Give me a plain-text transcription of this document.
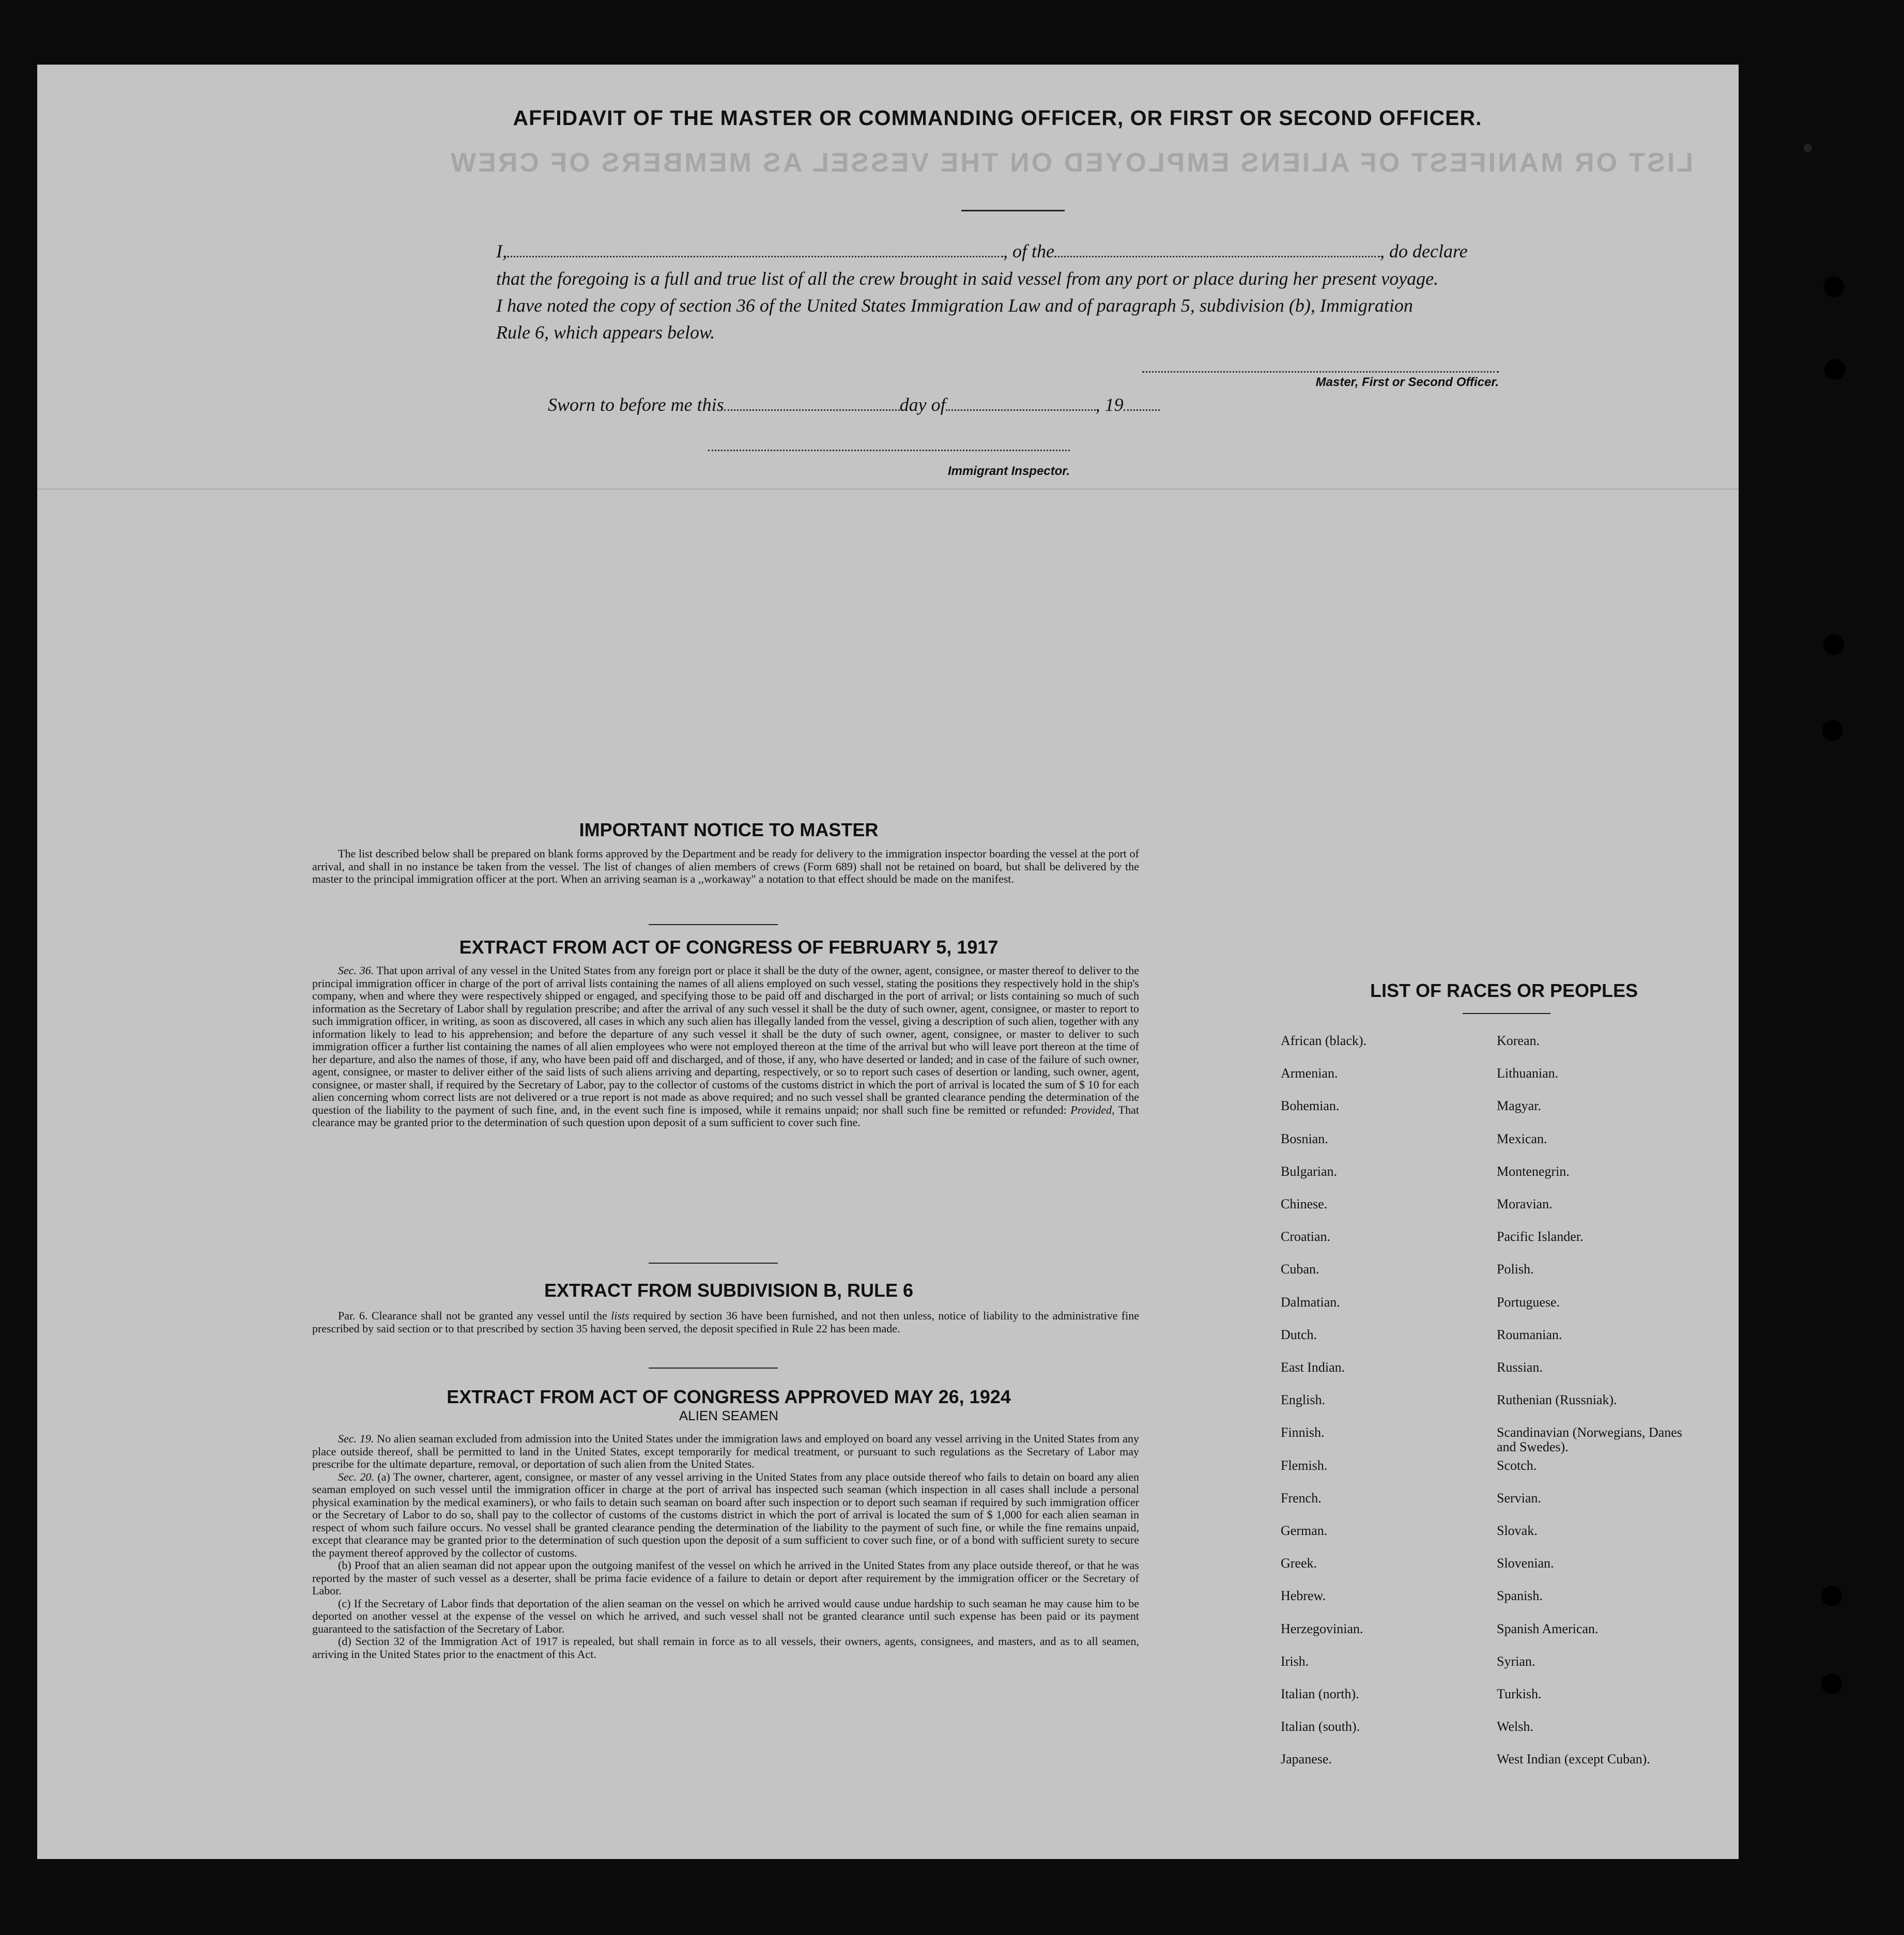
LIST OR MANIFEST OF ALIENS EMPLOYED ON THE VESSEL AS MEMBERS OF CREW
AFFIDAVIT OF THE MASTER OR COMMANDING OFFICER, OR FIRST OR SECOND OFFICER.
I,	, of the	, do declare
that the foregoing is a full and true list of all the crew brought in said vessel from any port or place during her present voyage.
I have noted the copy of section 36 of the United States Immigration Law and of paragraph 5, subdivision (b), Immigration
Rule 6, which appears below.
Master, First or Second Officer.
Sworn to before me this	day of	, 19
Immigrant Inspector.
IMPORTANT NOTICE TO MASTER

The list described below shall be prepared on blank forms approved by the Department and be ready for delivery to the immigration inspector boarding the vessel at the port of arrival, and shall in no instance be taken from the vessel. The list of changes of alien members of crews (Form 689) shall not be retained on board, but shall be delivered by the master to the principal immigration officer at the port. When an arriving seaman is a ,,workaway" a notation to that effect should be made on the manifest.

EXTRACT FROM ACT OF CONGRESS OF FEBRUARY 5, 1917

Sec. 36. That upon arrival of any vessel in the United States from any foreign port or place it shall be the duty of the owner, agent, consignee, or master thereof to deliver to the principal immigration officer in charge of the port of arrival lists containing the names of all aliens employed on such vessel, stating the positions they respectively hold in the ship's company, when and where they were respectively shipped or engaged, and specifying those to be paid off and discharged in the port of arrival; or lists containing so much of such information as the Secretary of Labor shall by regulation prescribe; and after the arrival of any such vessel it shall be the duty of such owner, agent, consignee, or master to report to such immigration officer, in writing, as soon as discovered, all cases in which any such alien has illegally landed from the vessel, giving a description of such alien, together with any information likely to lead to his apprehension; and before the departure of any such vessel it shall be the duty of such owner, agent, consignee, or master to deliver to such immigration officer a further list containing the names of all alien employees who were not employed thereon at the time of the arrival but who will leave port thereon at the time of her departure, and also the names of those, if any, who have been paid off and discharged, and of those, if any, who have deserted or landed; and in case of the failure of such owner, agent, consignee, or master to deliver either of the said lists of such aliens arriving and departing, respectively, or so to report such cases of desertion or landing, such owner, agent, consignee, or master shall, if required by the Secretary of Labor, pay to the collector of customs of the customs district in which the port of arrival is located the sum of $ 10 for each alien concerning whom correct lists are not delivered or a true report is not made as above required; and no such vessel shall be granted clearance pending the determination of the question of the liability to the payment of such fine, and, in the event such fine is imposed, while it remains unpaid; nor shall such fine be remitted or refunded: Provided, That clearance may be granted prior to the determination of such question upon deposit of a sum sufficient to cover such fine.

EXTRACT FROM SUBDIVISION B, RULE 6

Par. 6. Clearance shall not be granted any vessel until the lists required by section 36 have been furnished, and not then unless, notice of liability to the administrative fine prescribed by said section or to that prescribed by section 35 having been served, the deposit specified in Rule 22 has been made.

EXTRACT FROM ACT OF CONGRESS APPROVED MAY 26, 1924
ALIEN SEAMEN

Sec. 19. No alien seaman excluded from admission into the United States under the immigration laws and employed on board any vessel arriving in the United States from any place outside thereof, shall be permitted to land in the United States, except temporarily for medical treatment, or pursuant to such regulations as the Secretary of Labor may prescribe for the ultimate departure, removal, or deportation of such alien from the United States.

Sec. 20. (a) The owner, charterer, agent, consignee, or master of any vessel arriving in the United States from any place outside thereof who fails to detain on board any alien seaman employed on such vessel until the immigration officer in charge at the port of arrival has inspected such seaman (which inspection in all cases shall include a personal physical examination by the medical examiners), or who fails to detain such seaman on board after such inspection or to deport such seaman if required by such immigration officer or the Secretary of Labor to do so, shall pay to the collector of customs of the customs district in which the port of arrival is located the sum of $ 1,000 for each alien seaman in respect of whom such failure occurs. No vessel shall be granted clearance pending the determination of the liability to the payment of such fine, or while the fine remains unpaid, except that clearance may be granted prior to the determination of such question upon the deposit of a sum sufficient to cover such fine, or of a bond with sufficient surety to secure the payment thereof approved by the collector of customs.

(b) Proof that an alien seaman did not appear upon the outgoing manifest of the vessel on which he arrived in the United States from any place outside thereof, or that he was reported by the master of such vessel as a deserter, shall be prima facie evidence of a failure to detain or deport after requirement by the immigration officer or the Secretary of Labor.

(c) If the Secretary of Labor finds that deportation of the alien seaman on the vessel on which he arrived would cause undue hardship to such seaman he may cause him to be deported on another vessel at the expense of the vessel on which he arrived, and such vessel shall not be granted clearance until such expense has been paid or its payment guaranteed to the satisfaction of the Secretary of Labor.

(d) Section 32 of the Immigration Act of 1917 is repealed, but shall remain in force as to all vessels, their owners, agents, consignees, and masters, and as to all seamen, arriving in the United States prior to the enactment of this Act.

LIST OF RACES OR PEOPLES
African (black).
Armenian.
Bohemian.
Bosnian.
Bulgarian.
Chinese.
Croatian.
Cuban.
Dalmatian.
Dutch.
East Indian.
English.
Finnish.
Flemish.
French.
German.
Greek.
Hebrew.
Herzegovinian.
Irish.
Italian (north).
Italian (south).
Japanese.
Korean.
Lithuanian.
Magyar.
Mexican.
Montenegrin.
Moravian.
Pacific Islander.
Polish.
Portuguese.
Roumanian.
Russian.
Ruthenian (Russniak).
Scandinavian (Norwegians, Danes and Swedes).
Scotch.
Servian.
Slovak.
Slovenian.
Spanish.
Spanish American.
Syrian.
Turkish.
Welsh.
West Indian (except Cuban).
